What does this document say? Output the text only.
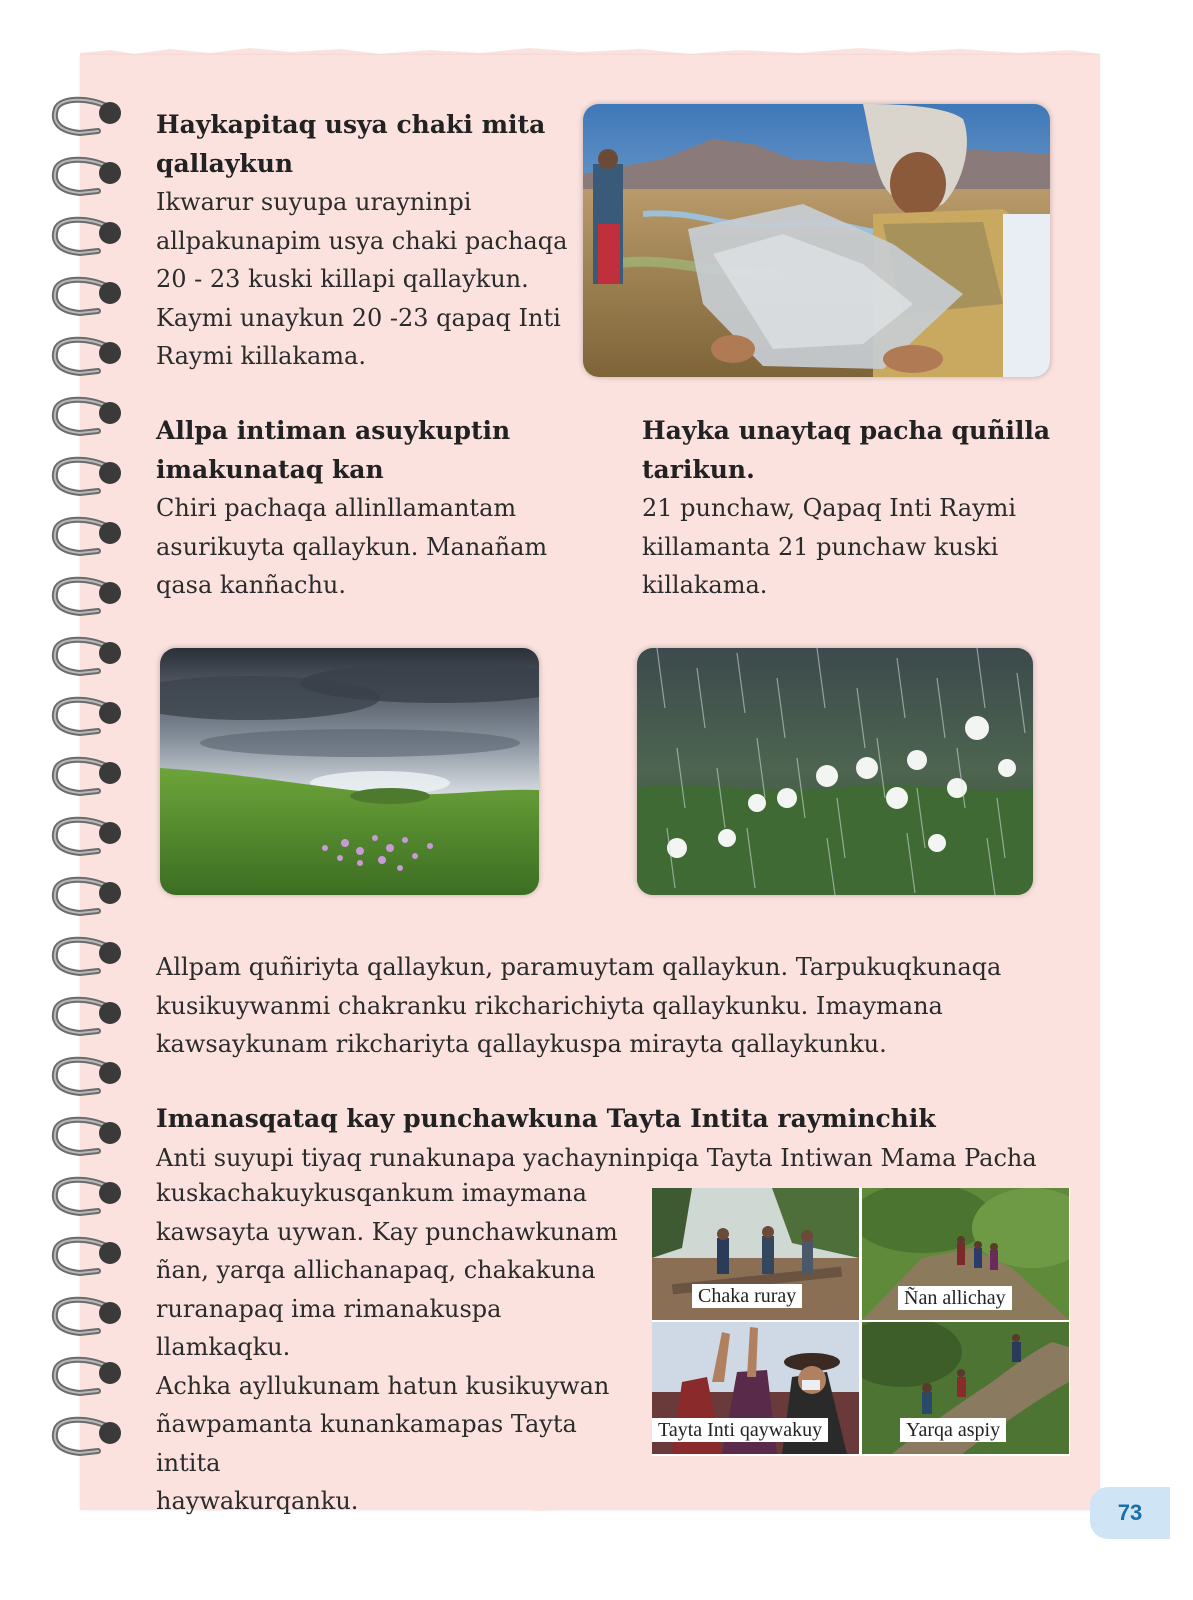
Haykapitaq usya chaki mita
qallaykun

Ikwarur suyupa urayninpi

allpakunapim usya chaki pachaqa

20 - 23 kuski killapi qallaykun.

Kaymi unaykun 20 -23 qapaq Inti

Raymi killakama.

Allpa intiman asuykuptin
imakunataq kan

Chiri pachaqa allinllamantam

asurikuyta qallaykun. Manañam

qasa kanñachu.

Hayka unaytaq pacha quñilla
tarikun.

21 punchaw, Qapaq Inti Raymi

killamanta 21 punchaw kuski

killakama.

Allpam quñiriyta qallaykun, paramuytam qallaykun. Tarpukuqkunaqa

kusikuywanmi chakranku rikcharichiyta qallaykunku. Imaymana

kawsaykunam rikchariyta qallaykuspa mirayta qallaykunku.

Imanasqataq kay punchawkuna Tayta Intita rayminchik

Anti suyupi tiyaq runakunapa yachayninpiqa Tayta Intiwan Mama Pacha

kuskachakuykusqankum imaymana

kawsayta uywan. Kay punchawkunam

ñan, yarqa allichanapaq, chakakuna

ruranapaq ima rimanakuspa llamkaqku.

Achka ayllukunam hatun kusikuywan

ñawpamanta kunankamapas Tayta intita

haywakurqanku.

Chaka ruray	Ñan allichay
Tayta Inti qaywakuy	Yarqa aspiy
73
